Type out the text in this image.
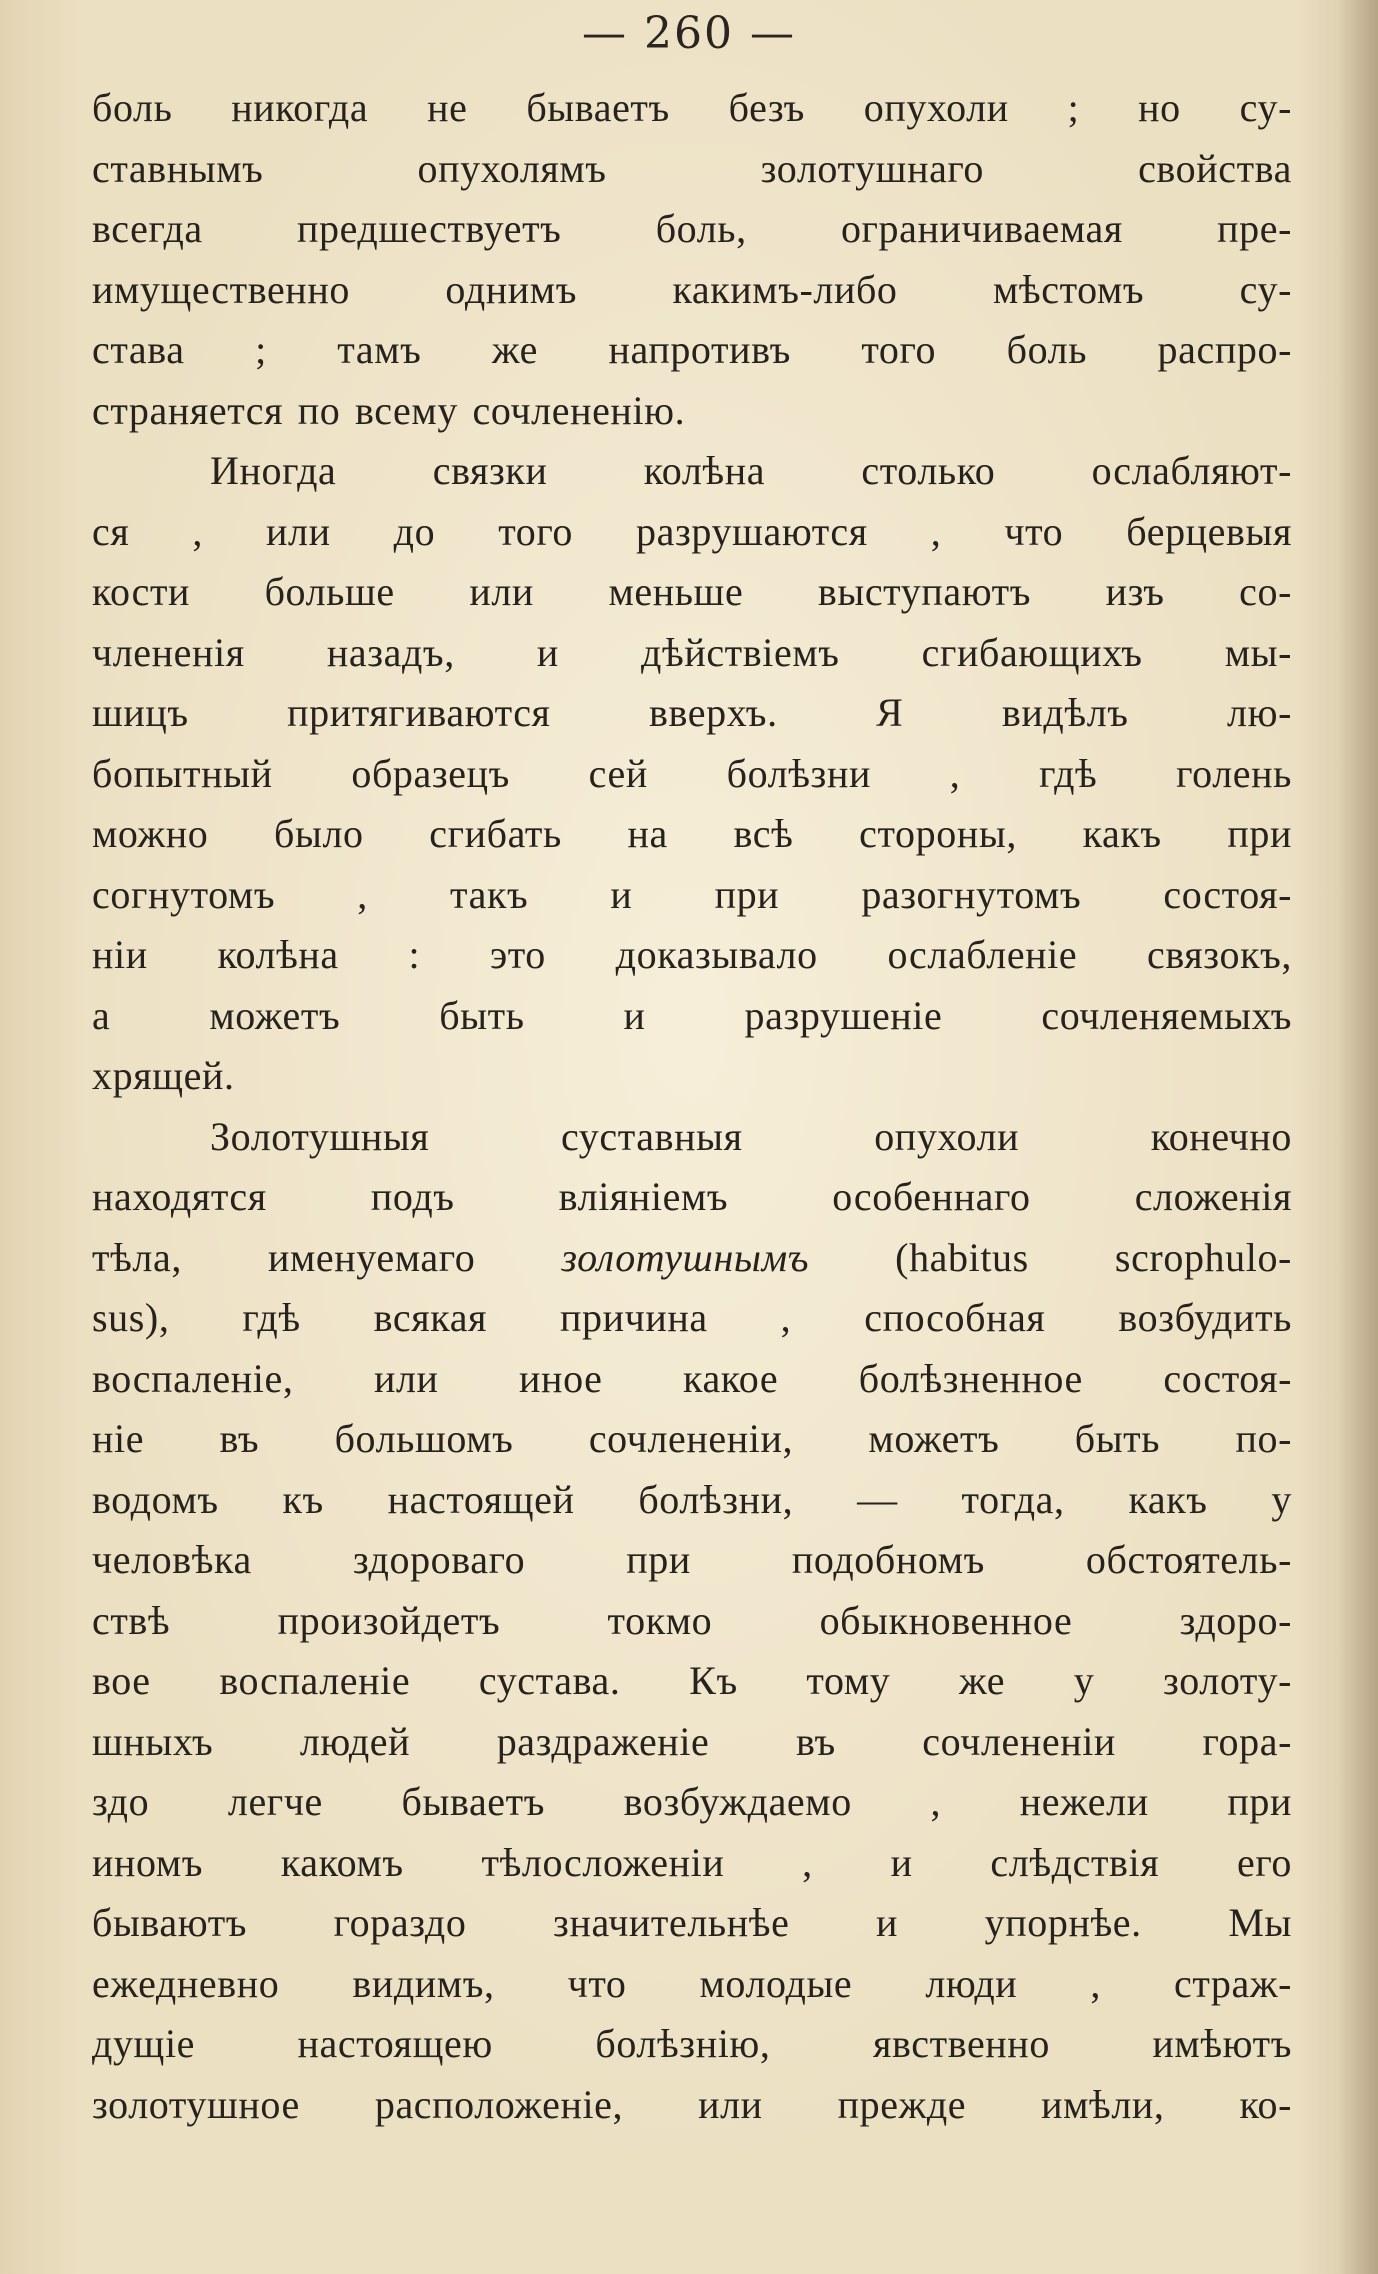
— 260 —
боль никогда не бываетъ безъ опухоли ; но су-
ставнымъ опухолямъ золотушнаго свойства
всегда предшествуетъ боль, ограничиваемая пре-
имущественно однимъ какимъ-либо мѣстомъ су-
става ; тамъ же напротивъ того боль распро-
страняется по всему сочлененію.
Иногда связки колѣна столько ослабляют-
ся , или до того разрушаются , что берцевыя
кости больше или меньше выступаютъ изъ со-
члененія назадъ, и дѣйствіемъ сгибающихъ мы-
шицъ притягиваются вверхъ. Я видѣлъ лю-
бопытный образецъ сей болѣзни , гдѣ голень
можно было сгибать на всѣ стороны, какъ при
согнутомъ , такъ и при разогнутомъ состоя-
ніи колѣна : это доказывало ослабленіе связокъ,
а можетъ быть и разрушеніе сочленяемыхъ
хрящей.
Золотушныя суставныя опухоли конечно
находятся подъ вліяніемъ особеннаго сложенія
тѣла, именуемаго золотушнымъ (habitus scrophulo-
sus), гдѣ всякая причина , способная возбудить
воспаленіе, или иное какое болѣзненное состоя-
ніе въ большомъ сочлененіи, можетъ быть по-
водомъ къ настоящей болѣзни, — тогда, какъ у
человѣка здороваго при подобномъ обстоятель-
ствѣ произойдетъ токмо обыкновенное здоро-
вое воспаленіе сустава. Къ тому же у золоту-
шныхъ людей раздраженіе въ сочлененіи гора-
здо легче бываетъ возбуждаемо , нежели при
иномъ какомъ тѣлосложеніи , и слѣдствія его
бываютъ гораздо значительнѣе и упорнѣе. Мы
ежедневно видимъ, что молодые люди , страж-
дущіе настоящею болѣзнію, явственно имѣютъ
золотушное расположеніе, или прежде имѣли, ко-
